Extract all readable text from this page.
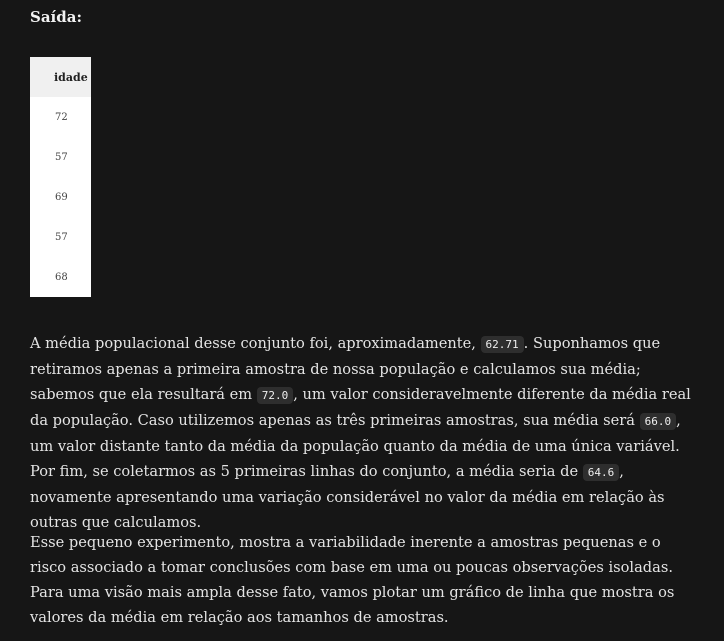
Saída:
idade
72
57
69
57
68

A média populacional desse conjunto foi, aproximadamente, 62.71 . Suponhamos que retiramos apenas a primeira amostra de nossa população e calculamos sua média; sabemos que ela resultará em 72.0 , um valor consideravelmente diferente da média real da população. Caso utilizemos apenas as três primeiras amostras, sua média será 66.0 , um valor distante tanto da média da população quanto da média de uma única variável. Por fim, se coletarmos as 5 primeiras linhas do conjunto, a média seria de 64.6 , novamente apresentando uma variação considerável no valor da média em relação às outras que calculamos.

Esse pequeno experimento, mostra a variabilidade inerente a amostras pequenas e o risco associado a tomar conclusões com base em uma ou poucas observações isoladas. Para uma visão mais ampla desse fato, vamos plotar um gráfico de linha que mostra os valores da média em relação aos tamanhos de amostras.
